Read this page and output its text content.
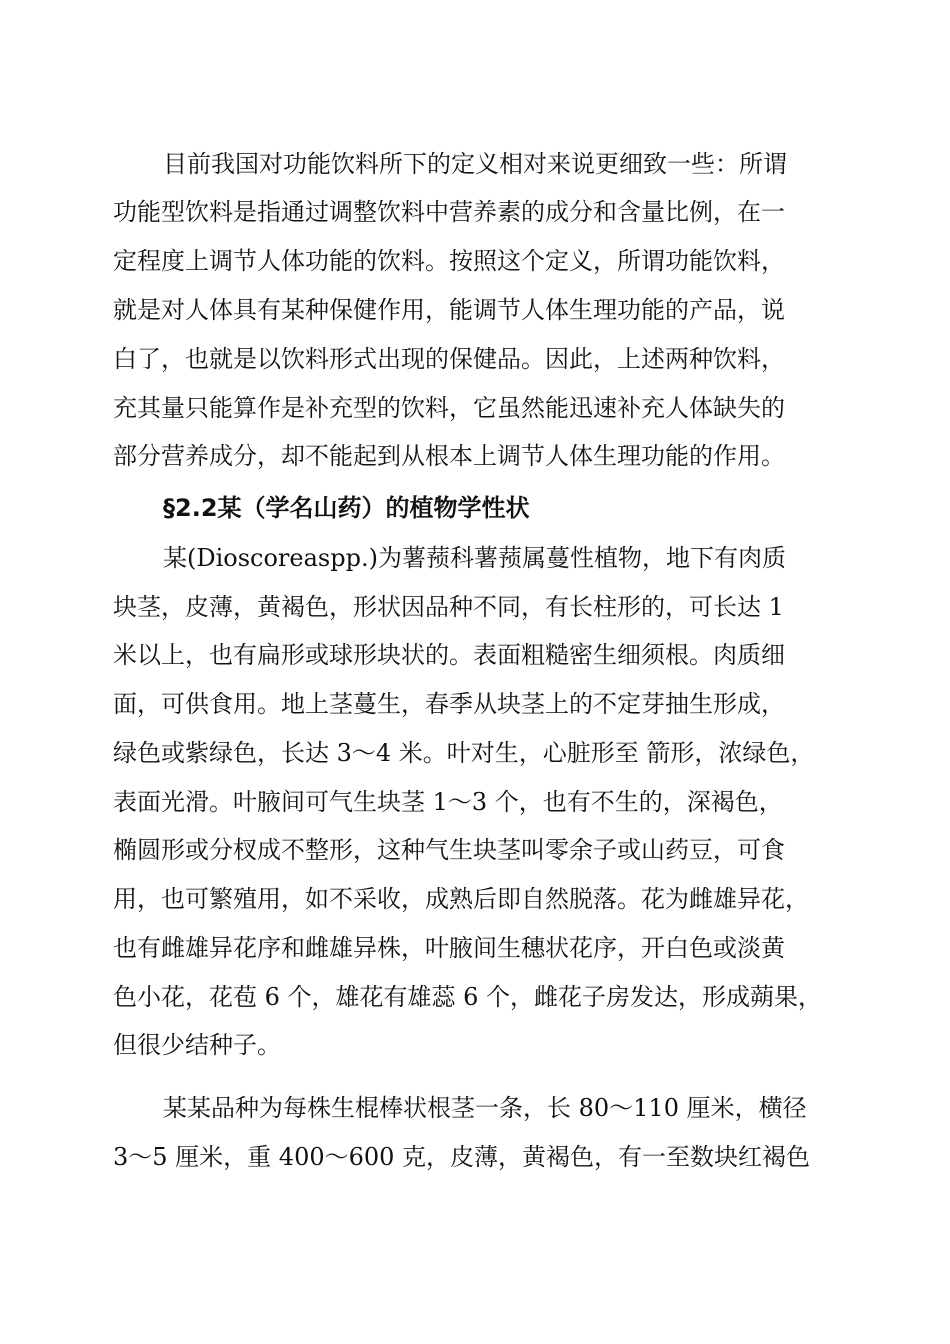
目前我国对功能饮料所下的定义相对来说更细致一些：所谓
功能型饮料是指通过调整饮料中营养素的成分和含量比例，在一
定程度上调节人体功能的饮料。按照这个定义，所谓功能饮料，
就是对人体具有某种保健作用，能调节人体生理功能的产品，说
白了，也就是以饮料形式出现的保健品。因此，上述两种饮料，
充其量只能算作是补充型的饮料，它虽然能迅速补充人体缺失的
部分营养成分，却不能起到从根本上调节人体生理功能的作用。
§2.2某（学名山药）的植物学性状
某(Dioscoreaspp.)为薯蓣科薯蓣属蔓性植物，地下有肉质
块茎，皮薄，黄褐色，形状因品种不同，有长柱形的，可长达 1
米以上，也有扁形或球形块状的。表面粗糙密生细须根。肉质细
面，可供食用。地上茎蔓生，春季从块茎上的不定芽抽生形成，
绿色或紫绿色，长达 3～4 米。叶对生，心脏形至 箭形，浓绿色，
表面光滑。叶腋间可气生块茎 1～3 个，也有不生的，深褐色，
椭圆形或分杈成不整形，这种气生块茎叫零余子或山药豆，可食
用，也可繁殖用，如不采收，成熟后即自然脱落。花为雌雄异花，
也有雌雄异花序和雌雄异株，叶腋间生穗状花序，开白色或淡黄
色小花，花苞 6 个，雄花有雄蕊 6 个，雌花子房发达，形成蒴果，
但很少结种子。
某某品种为每株生棍棒状根茎一条，长 80～110 厘米，横径
3～5 厘米，重 400～600 克，皮薄，黄褐色，有一至数块红褐色
